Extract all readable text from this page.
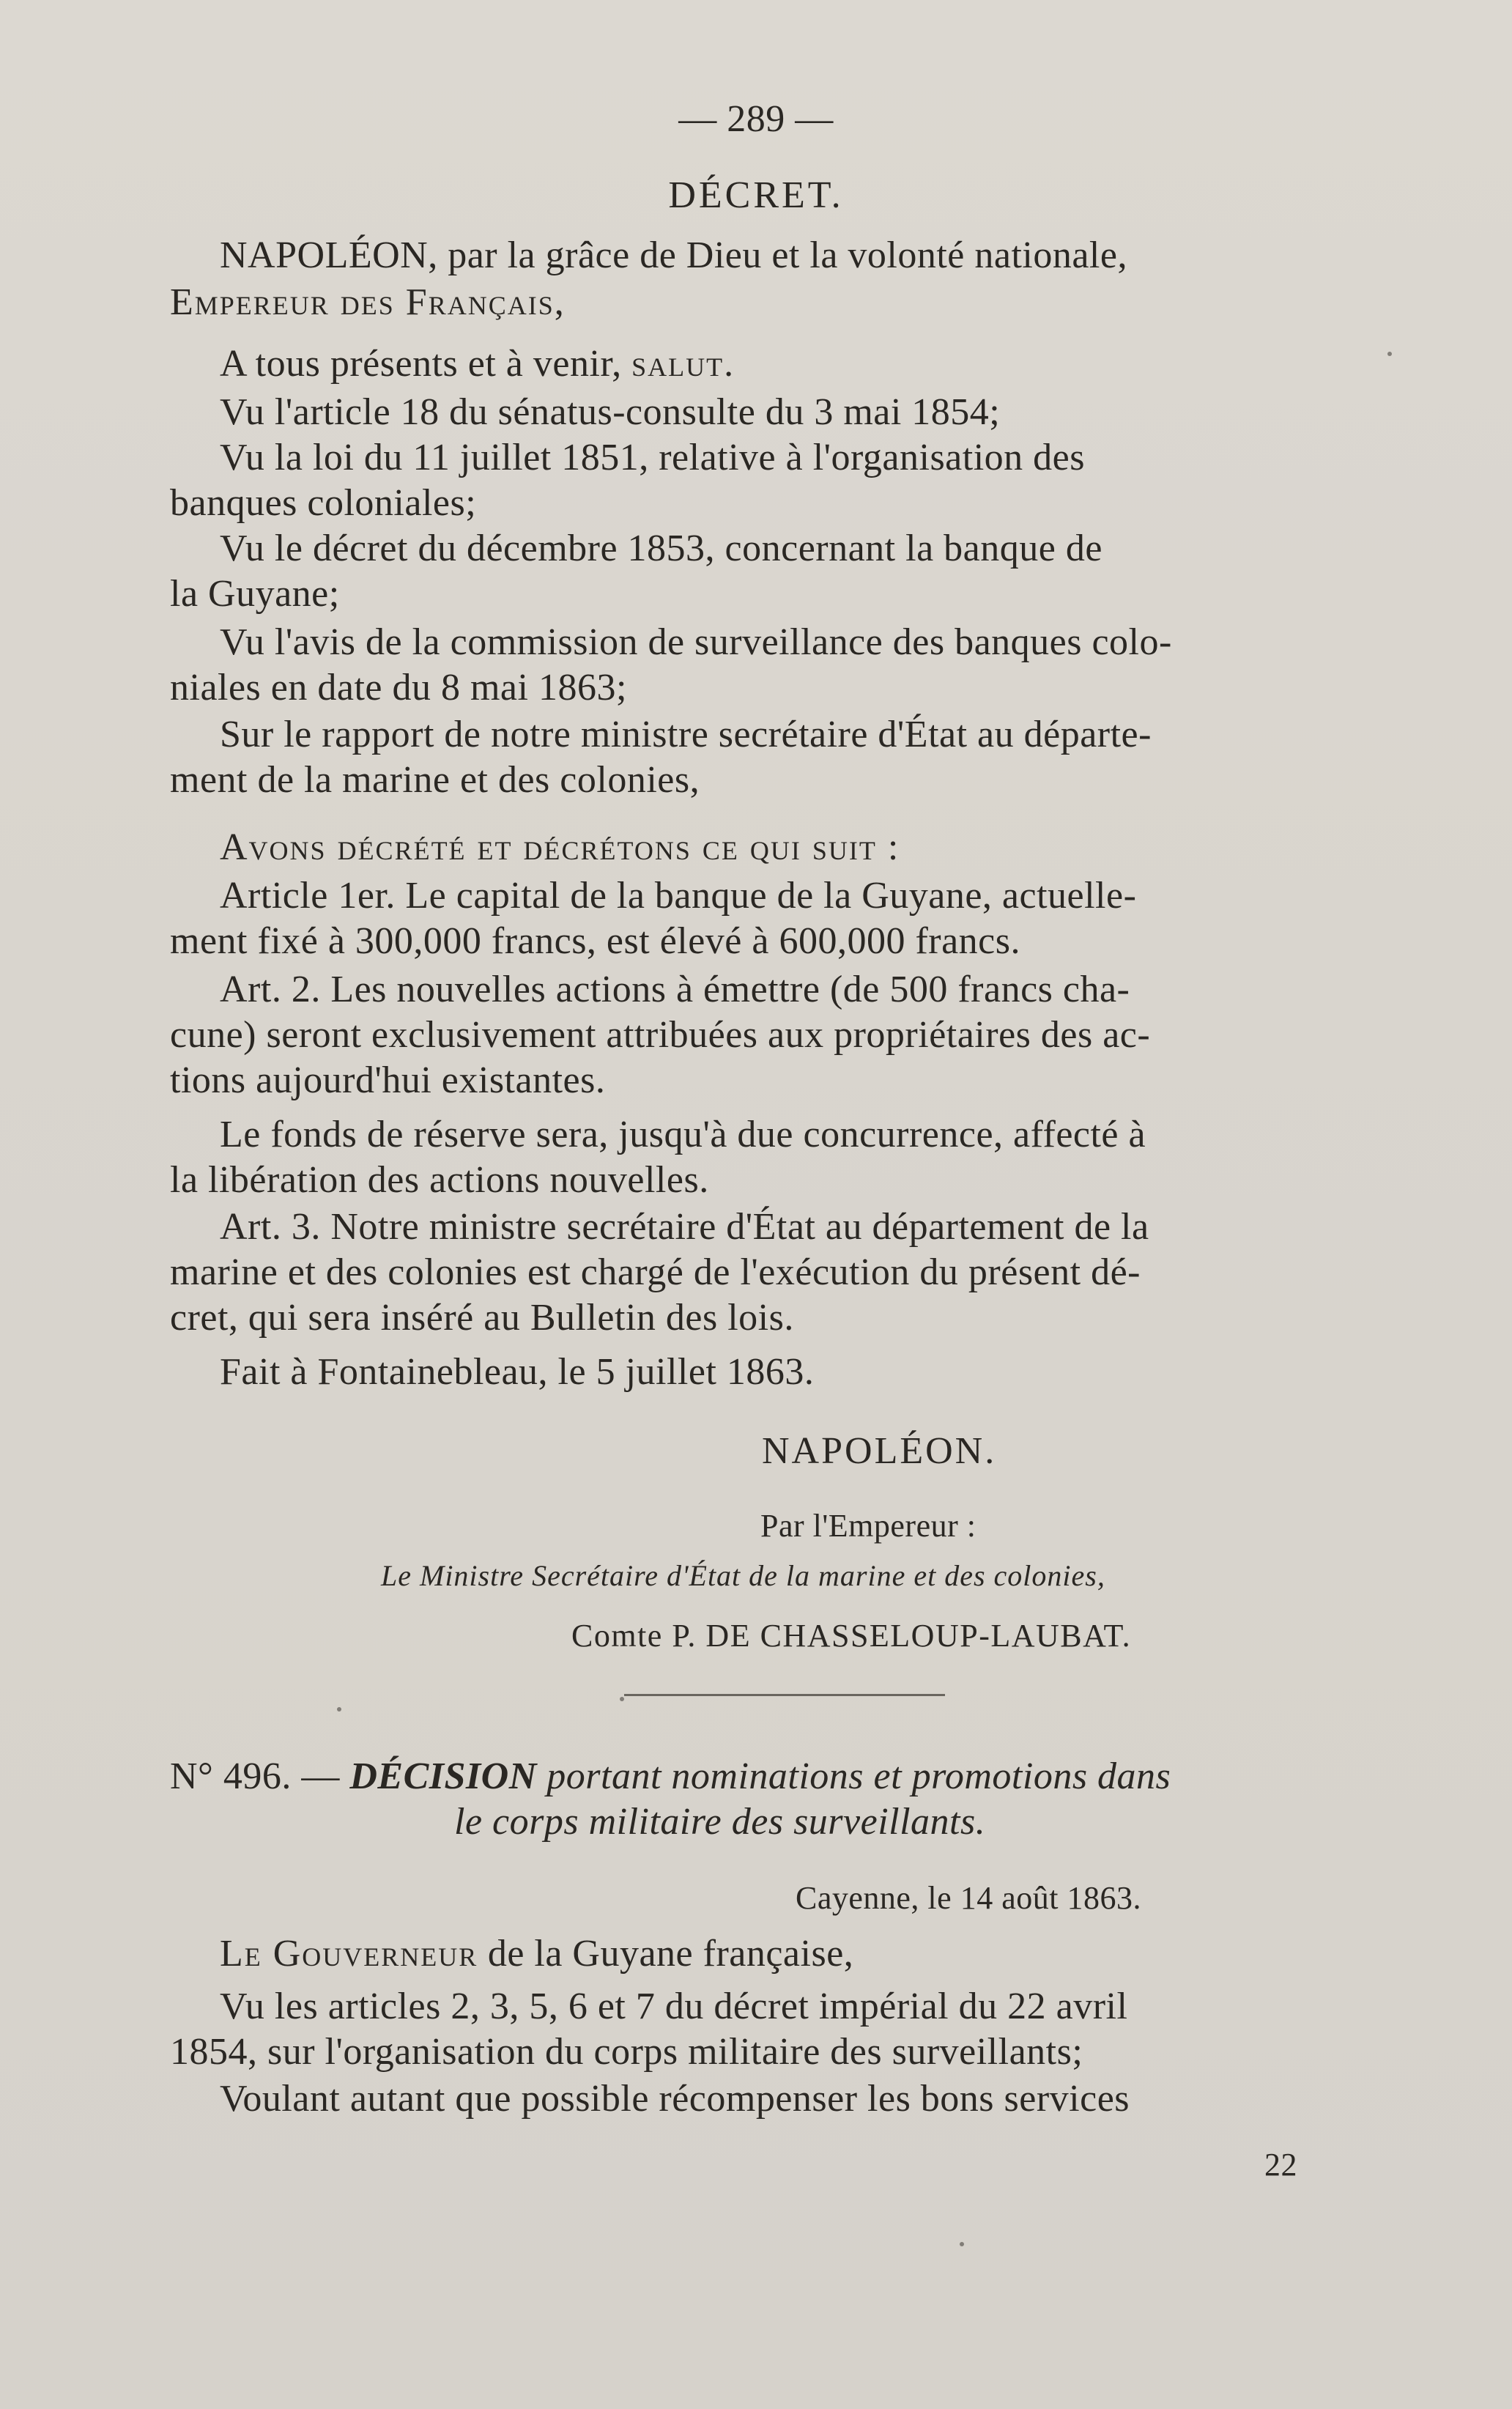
— 289 —
DÉCRET.
NAPOLÉON, par la grâce de Dieu et la volonté nationale,
Empereur des Français,
A tous présents et à venir, salut.
Vu l'article 18 du sénatus-consulte du 3 mai 1854;
Vu la loi du 11 juillet 1851, relative à l'organisation des
banques coloniales;
Vu le décret du décembre 1853, concernant la banque de
la Guyane;
Vu l'avis de la commission de surveillance des banques colo-
niales en date du 8 mai 1863;
Sur le rapport de notre ministre secrétaire d'État au départe-
ment de la marine et des colonies,
Avons décrété et décrétons ce qui suit :
Article 1er. Le capital de la banque de la Guyane, actuelle-
ment fixé à 300,000 francs, est élevé à 600,000 francs.
Art. 2. Les nouvelles actions à émettre (de 500 francs cha-
cune) seront exclusivement attribuées aux propriétaires des ac-
tions aujourd'hui existantes.
Le fonds de réserve sera, jusqu'à due concurrence, affecté à
la libération des actions nouvelles.
Art. 3. Notre ministre secrétaire d'État au département de la
marine et des colonies est chargé de l'exécution du présent dé-
cret, qui sera inséré au Bulletin des lois.
Fait à Fontainebleau, le 5 juillet 1863.
NAPOLÉON.
Par l'Empereur :
Le Ministre Secrétaire d'État de la marine et des colonies,
Comte P. DE CHASSELOUP-LAUBAT.
N° 496. — DÉCISION portant nominations et promotions dans
le corps militaire des surveillants.
Cayenne, le 14 août 1863.
Le Gouverneur de la Guyane française,
Vu les articles 2, 3, 5, 6 et 7 du décret impérial du 22 avril
1854, sur l'organisation du corps militaire des surveillants;
Voulant autant que possible récompenser les bons services
22
